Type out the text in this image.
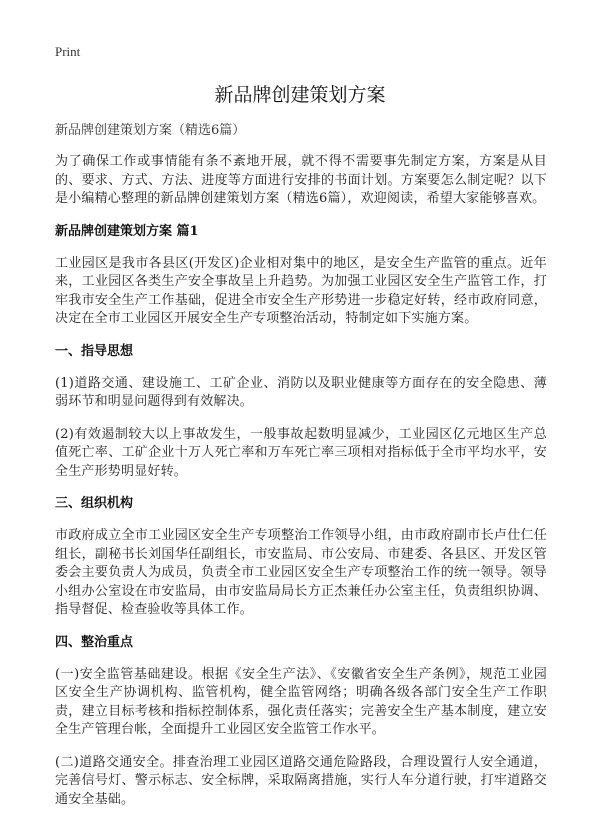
Print
新品牌创建策划方案
新品牌创建策划方案（精选6篇）

为了确保工作或事情能有条不紊地开展，就不得不需要事先制定方案，方案是从目的、要求、方式、方法、进度等方面进行安排的书面计划。方案要怎么制定呢？以下是小编精心整理的新品牌创建策划方案（精选6篇），欢迎阅读，希望大家能够喜欢。

新品牌创建策划方案 篇1

工业园区是我市各县区(开发区)企业相对集中的地区，是安全生产监管的重点。近年来，工业园区各类生产安全事故呈上升趋势。为加强工业园区安全生产监管工作，打牢我市安全生产工作基础，促进全市安全生产形势进一步稳定好转，经市政府同意，决定在全市工业园区开展安全生产专项整治活动，特制定如下实施方案。

一、指导思想

(1)道路交通、建设施工、工矿企业、消防以及职业健康等方面存在的安全隐患、薄弱环节和明显问题得到有效解决。

(2)有效遏制较大以上事故发生，一般事故起数明显减少，工业园区亿元地区生产总值死亡率、工矿企业十万人死亡率和万车死亡率三项相对指标低于全市平均水平，安全生产形势明显好转。

三、组织机构

市政府成立全市工业园区安全生产专项整治工作领导小组，由市政府副市长卢仕仁任组长，副秘书长刘国华任副组长，市安监局、市公安局、市建委、各县区、开发区管委会主要负责人为成员，负责全市工业园区安全生产专项整治工作的统一领导。领导小组办公室设在市安监局，由市安监局局长方正杰兼任办公室主任，负责组织协调、指导督促、检查验收等具体工作。

四、整治重点

(一)安全监管基础建设。根据《安全生产法》、《安徽省安全生产条例》，规范工业园区安全生产协调机构、监管机构，健全监管网络；明确各级各部门安全生产工作职责，建立目标考核和指标控制体系，强化责任落实；完善安全生产基本制度，建立安全生产管理台帐，全面提升工业园区安全监管工作水平。

(二)道路交通安全。排查治理工业园区道路交通危险路段，合理设置行人安全通道，完善信号灯、警示标志、安全标牌，采取隔离措施，实行人车分道行驶，打牢道路交通安全基础。
